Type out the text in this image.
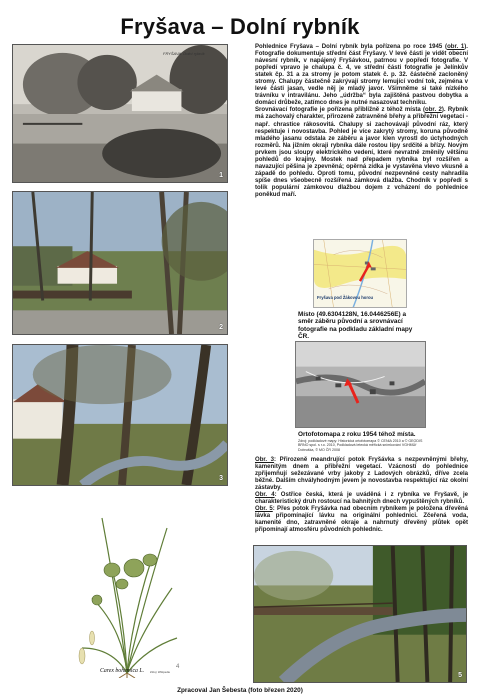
Fryšava – Dolní rybník
FRYŠAVA. Dolní rybník
1
2
3
Carex bohemica L. Zdroj: Wikipedie
4

Pohlednice Fryšava – Dolní rybník byla pořízena po roce 1945 (obr. 1). Fotografie dokumentuje střední část Fryšavy. V levé části je vidět obecní návesní rybník, v napájený Fryšávkou, patrnou v popředí fotografie. V popředí vpravo je chalupa č. 4, ve střední části fotografie je Jelínkův statek čp. 31 a za stromy je potom statek č. p. 32. částečně zacloněný stromy. Chalupy částečně zakrývají stromy lemující vodní tok, zejména v levé části jasan, vedle něj je mladý javor. Všimněme si také nízkého trávníku v intravilánu. Jeho „údržba“ byla zajištěná pastvou dobytka a domácí drůbeže, zatímco dnes je nutné nasazovat techniku.

Srovnávací fotografie je pořízena přibližně z téhož místa (obr. 2). Rybník má zachovalý charakter, přirozeně zatravněné břehy a přibřežní vegetaci - např. chrastice rákosovitá. Chalupy si zachovávají původní ráz, který respektuje i novostavba. Pohled je více zakrytý stromy, koruna původně mladého jasanu odstala ze záběru a javor klen vyrostl do úctyhodných rozměrů. Na jižním okraji rybníka dále rostou lípy srdčité a břízy. Novým prvkem jsou sloupy elektrického vedení, které nevratně změnily většinu pohledů do krajiny. Mostek nad přepadem rybníka byl rozšířen a navazující pěšina je zpevněná; opěrná zídka je vystavěna vlevo vkusně a západě do pohledu. Oproti tomu, původní nezpevněné cesty nahradila spíše dnes všeobecně rozšířená zámková dlažba. Chodník v popředí s tolik populární zámkovou dlažbou dojem z vcházení do pohlednice poněkud maří.

Fryšava pod Žákovou horou
Místo (49.6304128N, 16.0446256E) a směr záběru původní a srovnávací fotografie na podkladu základní mapy ČR.
Ortofotomapa z roku 1954 téhož místa.
Zdroj: podkladové mapy: Historická ortofotomapa © CENIA 2010 a © GEODIS BRNO spol. s r.o. 2010, Podkladová letecká měřická snímkování VGHMÚř Dobruška, © MO ČR 2008

Obr. 3: Přirozeně meandrující potok Fryšávka s nezpevněnými břehy, kamenitým dnem a přibřežní vegetací. Vzácností do pohlednice zpřijemňují sežezávané vrby jakoby z Ladových obrázků, dříve zcela běžné. Dalším chvályhodným jevem je novostavba respektující ráz okolní zástavby.

Obr. 4: Ostřice česká, která je uváděná i z rybníka ve Fryšavě, je charakteristický druh rostoucí na bahnitých dnech vypuštěných rybníků.

Obr. 5: Přes potok Fryšávka nad obecním rybníkem je položena dřevěná lávka připomínající lávku na originální pohlednici. Zčeřená voda, kamenité dno, zatravněné okraje a nahrnutý dřevěný plůtek opět připomínají atmosféru původních pohlednic.

5
Zpracoval Jan Šebesta (foto březen 2020)
